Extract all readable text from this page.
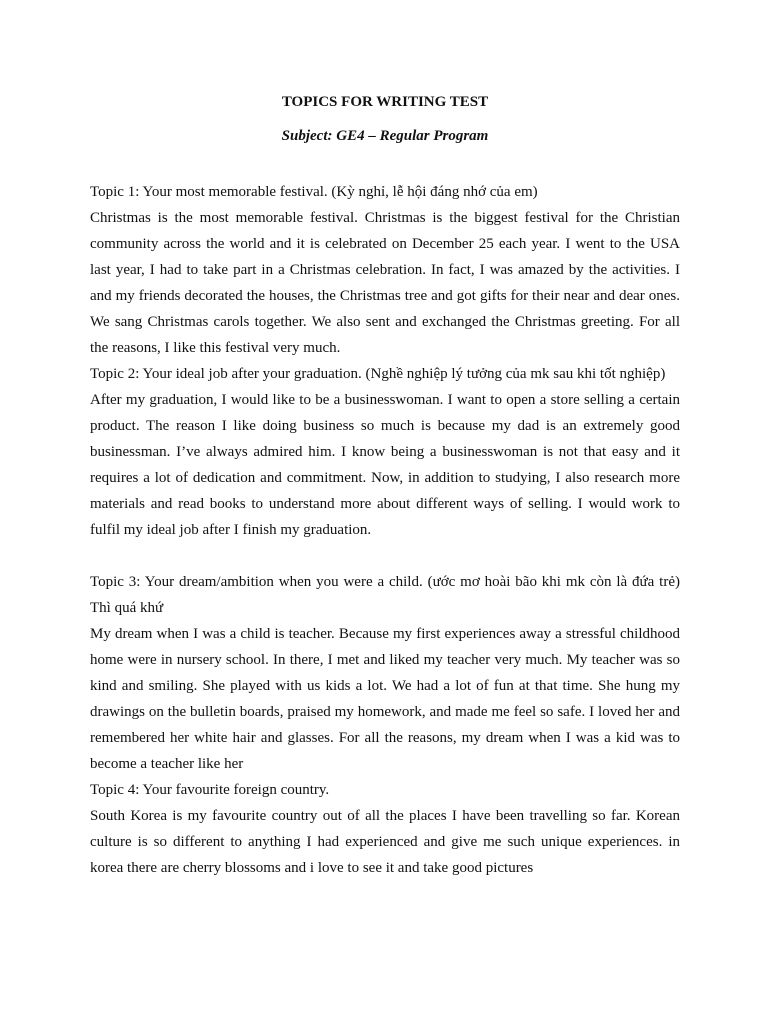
TOPICS FOR WRITING TEST
Subject: GE4 – Regular Program

Topic 1: Your most memorable festival. (Kỳ nghỉ, lễ hội đáng nhớ của em)

Christmas is the most memorable festival. Christmas is the biggest festival for the Christian community across the world and it is celebrated on December 25 each year. I went to the USA last year, I had to take part in a Christmas celebration. In fact, I was amazed by the activities. I and my friends decorated the houses, the Christmas tree and got gifts for their near and dear ones. We sang Christmas carols together. We also sent and exchanged the Christmas greeting. For all the reasons, I like this festival very much.

Topic 2: Your ideal job after your graduation. (Nghề nghiệp lý tưởng của mk sau khi tốt nghiệp)

After my graduation, I would like to be a businesswoman. I want to open a store selling a certain product. The reason I like doing business so much is because my dad is an extremely good businessman. I’ve always admired him. I know being a businesswoman is not that easy and it requires a lot of dedication and commitment. Now, in addition to studying, I also research more materials and read books to understand more about different ways of selling. I would work to fulfil my ideal job after I finish my graduation.

Topic 3: Your dream/ambition when you were a child. (ước mơ hoài bão khi mk còn là đứa trẻ) Thì quá khứ

My dream when I was a child is teacher. Because my first experiences away a stressful childhood home were in nursery school. In there, I met and liked my teacher very much. My teacher was so kind and smiling. She played with us kids a lot. We had a lot of fun at that time. She hung my drawings on the bulletin boards, praised my homework, and made me feel so safe. I loved her and remembered her white hair and glasses. For all the reasons, my dream when I was a kid was to become a teacher like her

Topic 4: Your favourite foreign country.

South Korea is my favourite country out of all the places I have been travelling so far. Korean culture is so different to anything I had experienced and give me such unique experiences. in korea there are cherry blossoms and i love to see it and take good pictures
